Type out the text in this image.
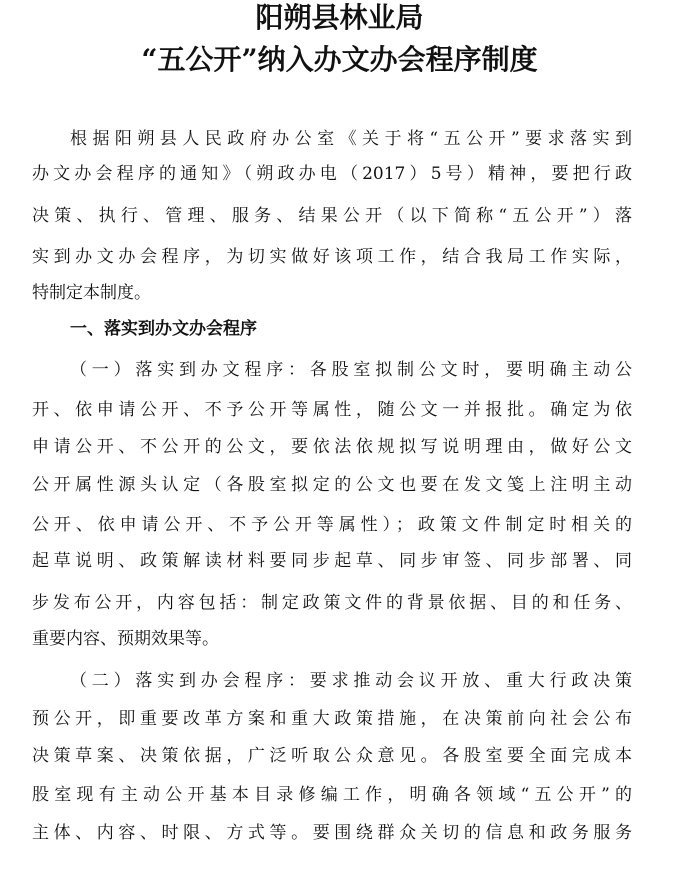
阳朔县林业局
“五公开”纳入办文办会程序制度
根据阳朔县人民政府办公室《关于将“五公开”要求落实到
办文办会程序的通知》（朔政办电（2017）5号）精神，要把行政
决策、执行、管理、服务、结果公开（以下简称“五公开”）落
实到办文办会程序，为切实做好该项工作，结合我局工作实际，
特制定本制度。
一、落实到办文办会程序
（一）落实到办文程序：各股室拟制公文时，要明确主动公
开、依申请公开、不予公开等属性，随公文一并报批。确定为依
申请公开、不公开的公文，要依法依规拟写说明理由，做好公文
公开属性源头认定（各股室拟定的公文也要在发文笺上注明主动
公开、依申请公开、不予公开等属性）；政策文件制定时相关的
起草说明、政策解读材料要同步起草、同步审签、同步部署、同
步发布公开，内容包括：制定政策文件的背景依据、目的和任务、
重要内容、预期效果等。
（二）落实到办会程序：要求推动会议开放、重大行政决策
预公开，即重要改革方案和重大政策措施，在决策前向社会公布
决策草案、决策依据，广泛听取公众意见。各股室要全面完成本
股室现有主动公开基本目录修编工作，明确各领域“五公开”的
主体、内容、时限、方式等。要围绕群众关切的信息和政务服务
